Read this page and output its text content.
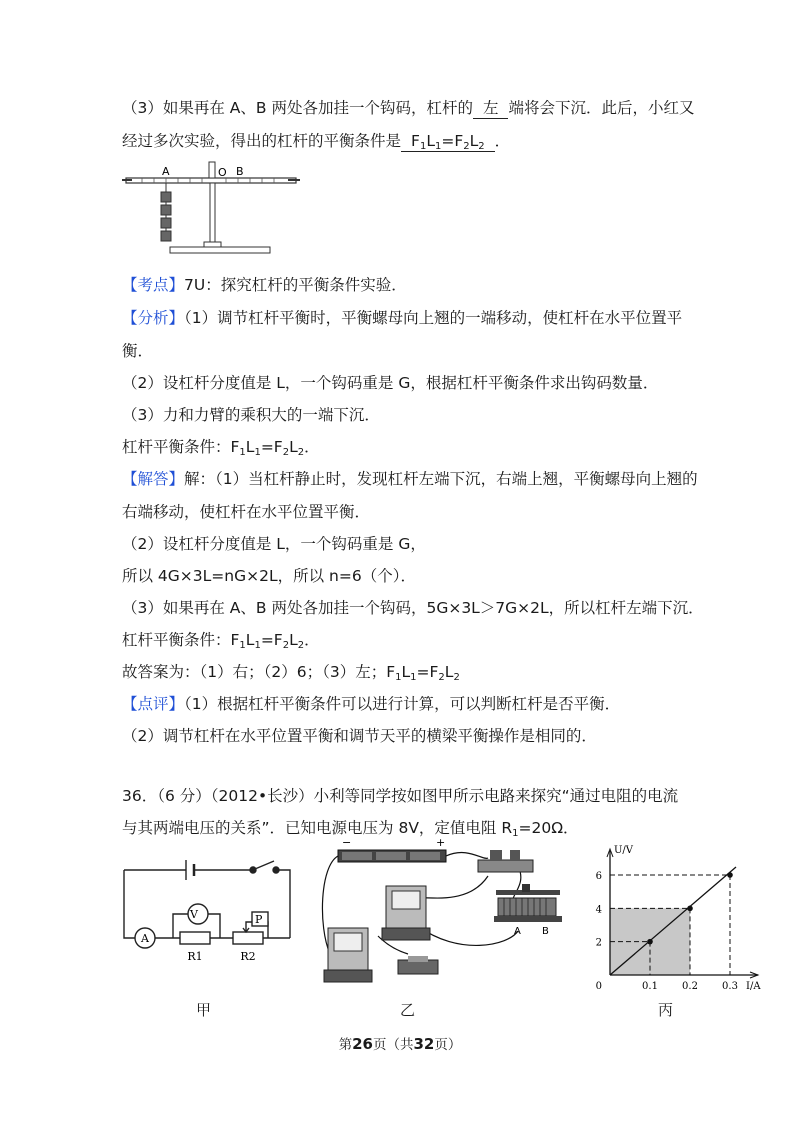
（3）如果再在 A、B 两处各加挂一个钩码，杠杆的 左 端将会下沉．此后，小红又
经过多次实验，得出的杠杆的平衡条件是 $F_1L_1=F_2L_2$ ．
A	O B
【考点】7U：探究杠杆的平衡条件实验．
【分析】（1）调节杠杆平衡时，平衡螺母向上翘的一端移动，使杠杆在水平位置平
衡．
（2）设杠杆分度值是 L，一个钩码重是 G，根据杠杆平衡条件求出钩码数量．
（3）力和力臂的乘积大的一端下沉．
杠杆平衡条件：$F_1L_1=F_2L_2$．
【解答】解：（1）当杠杆静止时，发现杠杆左端下沉，右端上翘，平衡螺母向上翘的
右端移动，使杠杆在水平位置平衡．
（2）设杠杆分度值是 L，一个钩码重是 G，
所以 4G×3L=nG×2L，所以 n=6（个）．
（3）如果再在 A、B 两处各加挂一个钩码，5G×3L＞7G×2L，所以杠杆左端下沉．
杠杆平衡条件：$F_1L_1=F_2L_2$．
故答案为：（1）右；（2）6；（3）左；$F_1L_1=F_2L_2$
【点评】（1）根据杠杆平衡条件可以进行计算，可以判断杠杆是否平衡．
（2）调节杠杆在水平位置平衡和调节天平的横梁平衡操作是相同的．
36．（6 分）（2012•长沙）小利等同学按如图甲所示电路来探究“通过电阻的电流
与其两端电压的关系”．已知电源电压为 8V，定值电阻 $R_1=20\Omega$．
V
A
P
R1	R2
甲
−	+
A B
乙
0.1 0.2 0.3
2
4
6
0
U/V
I/A
丙
第26页（共32页）
